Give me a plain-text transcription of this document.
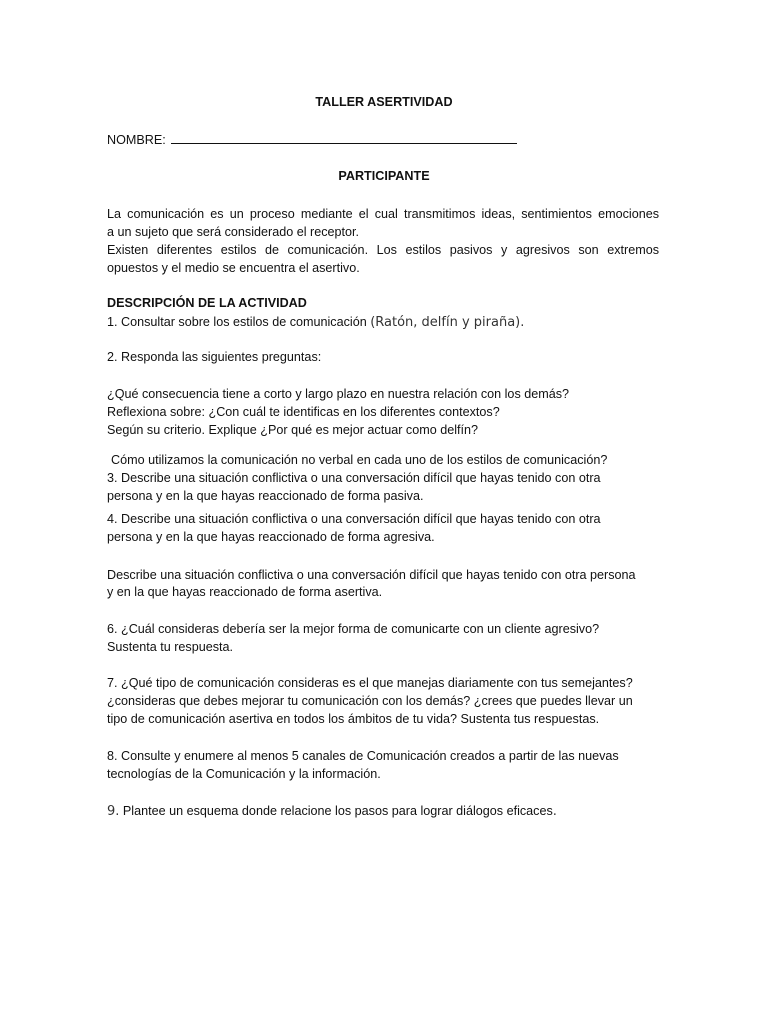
TALLER ASERTIVIDAD
NOMBRE:
PARTICIPANTE
La comunicación es un proceso mediante el cual transmitimos ideas, sentimientos emociones
a un sujeto que será considerado el receptor.
Existen diferentes estilos de comunicación. Los estilos pasivos y agresivos son extremos
opuestos y el medio se encuentra el asertivo.
DESCRIPCIÓN DE LA ACTIVIDAD
1. Consultar sobre los estilos de comunicación (Ratón, delfín y piraña).
2. Responda las siguientes preguntas:
¿Qué consecuencia tiene a corto y largo plazo en nuestra relación con los demás?
Reflexiona sobre: ¿Con cuál te identificas en los diferentes contextos?
Según su criterio. Explique ¿Por qué es mejor actuar como delfín?
Cómo utilizamos la comunicación no verbal en cada uno de los estilos de comunicación?
3. Describe una situación conflictiva o una conversación difícil que hayas tenido con otra
persona y en la que hayas reaccionado de forma pasiva.
4. Describe una situación conflictiva o una conversación difícil que hayas tenido con otra
persona y en la que hayas reaccionado de forma agresiva.
Describe una situación conflictiva o una conversación difícil que hayas tenido con otra persona
y en la que hayas reaccionado de forma asertiva.
6. ¿Cuál consideras debería ser la mejor forma de comunicarte con un cliente agresivo?
Sustenta tu respuesta.
7. ¿Qué tipo de comunicación consideras es el que manejas diariamente con tus semejantes?
¿consideras que debes mejorar tu comunicación con los demás? ¿crees que puedes llevar un
tipo de comunicación asertiva en todos los ámbitos de tu vida? Sustenta tus respuestas.
8. Consulte y enumere al menos 5 canales de Comunicación creados a partir de las nuevas
tecnologías de la Comunicación y la información.
9. Plantee un esquema donde relacione los pasos para lograr diálogos eficaces.
